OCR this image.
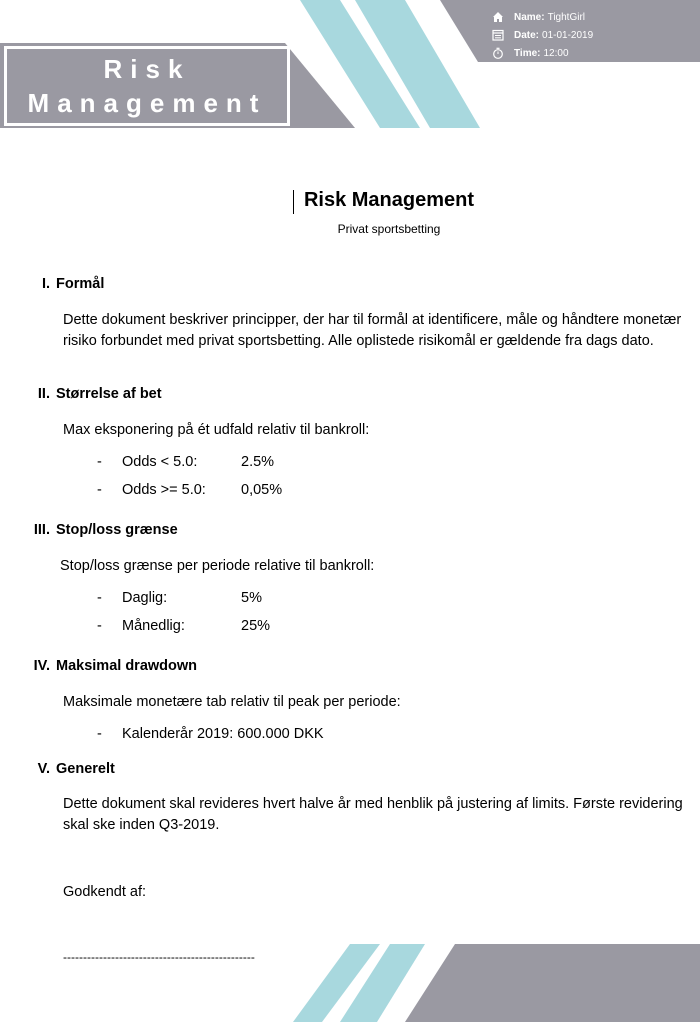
Risk
Management
Name: TightGirl
Date: 01-01-2019
Time: 12:00
Risk Management
Privat sportsbetting
I. Formål
Dette dokument beskriver principper, der har til formål at identificere, måle og håndtere monetær risiko forbundet med privat sportsbetting. Alle oplistede risikomål er gældende fra dags dato.
II. Størrelse af bet
Max eksponering på ét udfald relativ til bankroll:
- Odds < 5.0:	2.5%
- Odds >= 5.0: 0,05%
III. Stop/loss grænse
Stop/loss grænse per periode relative til bankroll:
- Daglig:	5%
- Månedlig:	25%
IV. Maksimal drawdown
Maksimale monetære tab relativ til peak per periode:
- Kalenderår 2019: 600.000 DKK
V. Generelt
Dette dokument skal revideres hvert halve år med henblik på justering af limits. Første revidering skal ske inden Q3-2019.
Godkendt af:
------------------------------------------------
